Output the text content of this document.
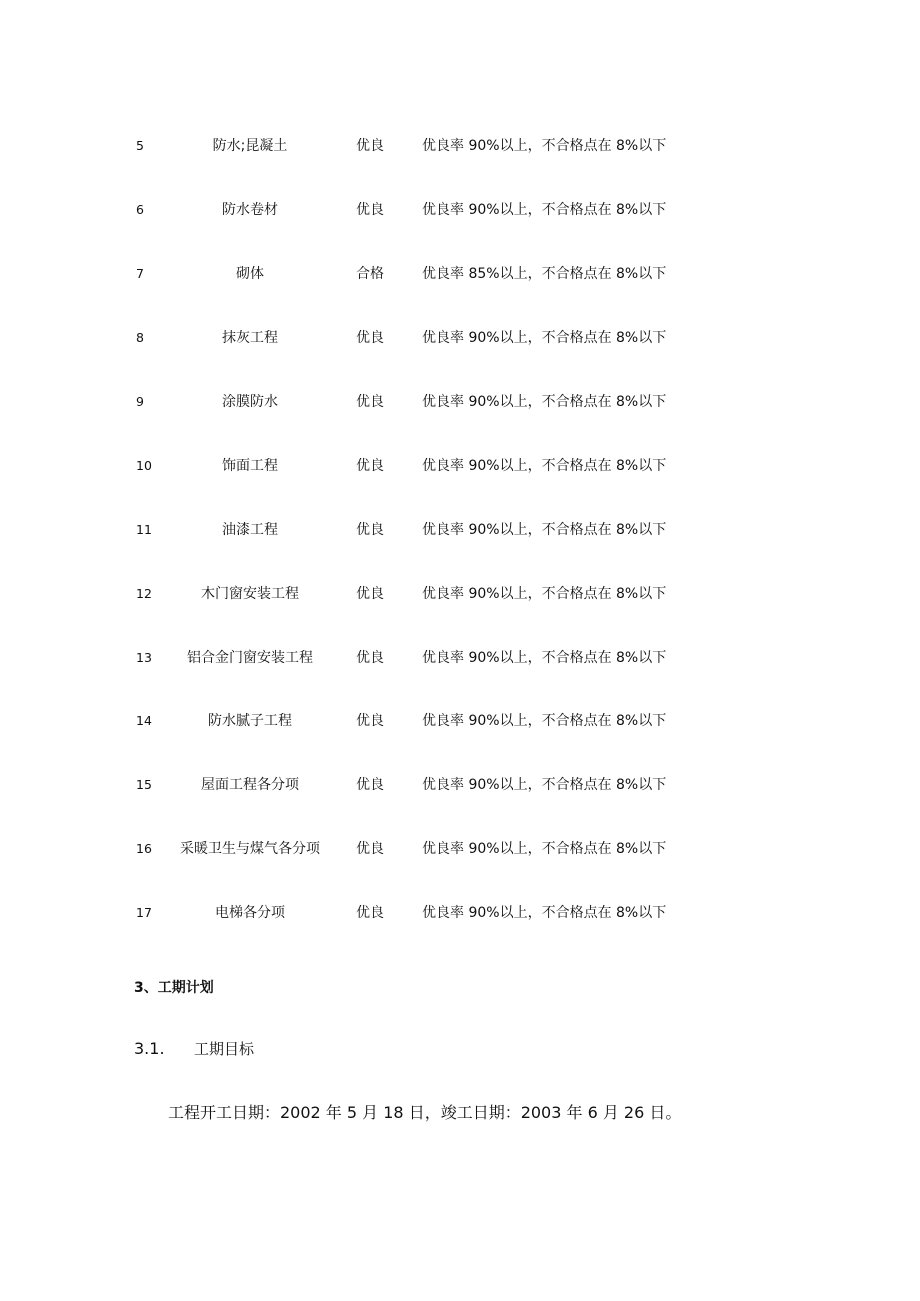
5	防水;昆凝土	优良	优良率 90%以上，不合格点在 8%以下
6	防水卷材	优良	优良率 90%以上，不合格点在 8%以下
7	砌体	合格	优良率 85%以上，不合格点在 8%以下
8	抹灰工程	优良	优良率 90%以上，不合格点在 8%以下
9	涂膜防水	优良	优良率 90%以上，不合格点在 8%以下
10	饰面工程	优良	优良率 90%以上，不合格点在 8%以下
11	油漆工程	优良	优良率 90%以上，不合格点在 8%以下
12	木门窗安装工程	优良	优良率 90%以上，不合格点在 8%以下
13	铝合金门窗安装工程	优良	优良率 90%以上，不合格点在 8%以下
14	防水腻子工程	优良	优良率 90%以上，不合格点在 8%以下
15	屋面工程各分项	优良	优良率 90%以上，不合格点在 8%以下
16	采暖卫生与煤气各分项	优良	优良率 90%以上，不合格点在 8%以下
17	电梯各分项	优良	优良率 90%以上，不合格点在 8%以下
3、工期计划
3.1. 工期目标
工程开工日期：2002 年 5 月 18 日，竣工日期：2003 年 6 月 26 日。
